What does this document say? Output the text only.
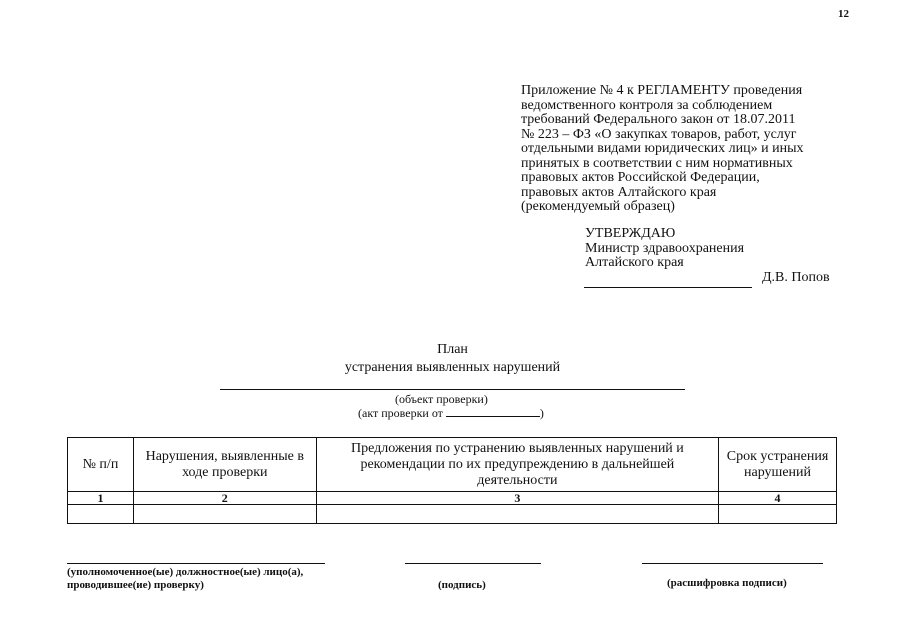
12
Приложение № 4 к РЕГЛАМЕНТУ проведения
ведомственного контроля за соблюдением
требований Федерального закон от 18.07.2011
№ 223 – ФЗ «О закупках товаров, работ, услуг
отдельными видами юридических лиц» и иных
принятых в соответствии с ним нормативных
правовых актов Российской Федерации,
правовых актов Алтайского края
(рекомендуемый образец)
УТВЕРЖДАЮ
Министр здравоохранения
Алтайского края
Д.В. Попов
План
устранения выявленных нарушений
(объект проверки)
(акт проверки от	)
№ п/п	Нарушения, выявленные в ходе проверки	Предложения по устранению выявленных нарушений и рекомендации по их предупреждению в дальнейшей деятельности	Срок устранения нарушений
1	2	3	4

(уполномоченное(ые) должностное(ые) лицо(а),
проводившее(ие) проверку)	(подпись)	(расшифровка подписи)
